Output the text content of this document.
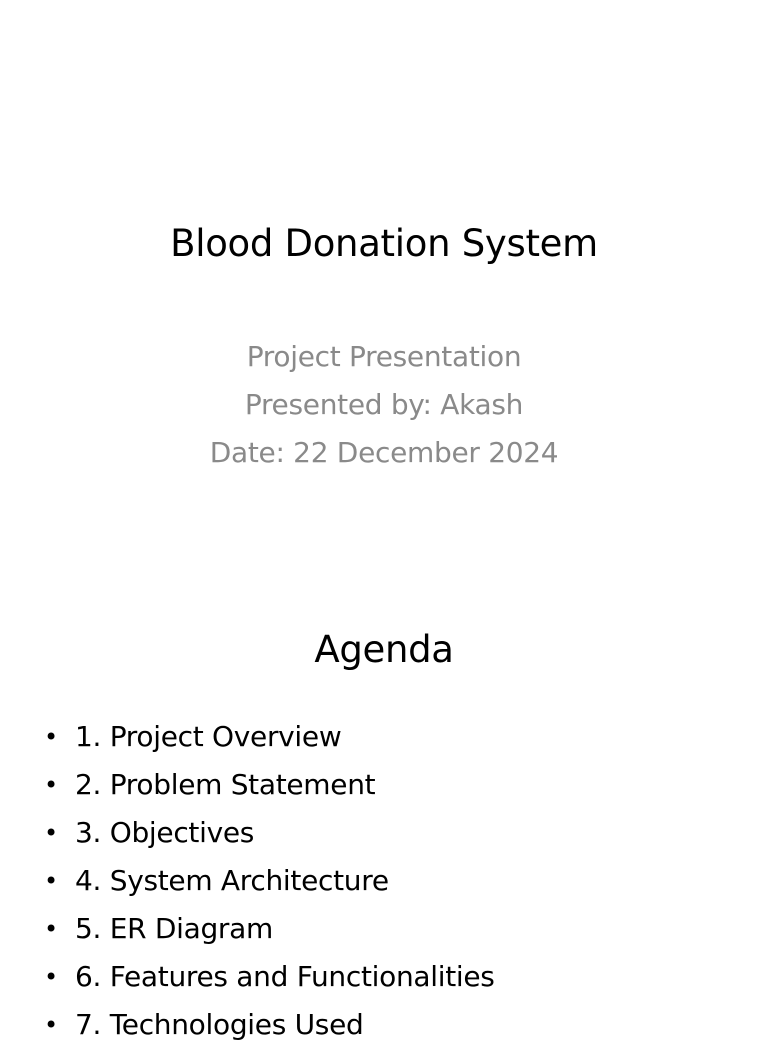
Blood Donation System
Project Presentation
Presented by: Akash
Date: 22 December 2024
Agenda
• 1. Project Overview
• 2. Problem Statement
• 3. Objectives
• 4. System Architecture
• 5. ER Diagram
• 6. Features and Functionalities
• 7. Technologies Used
